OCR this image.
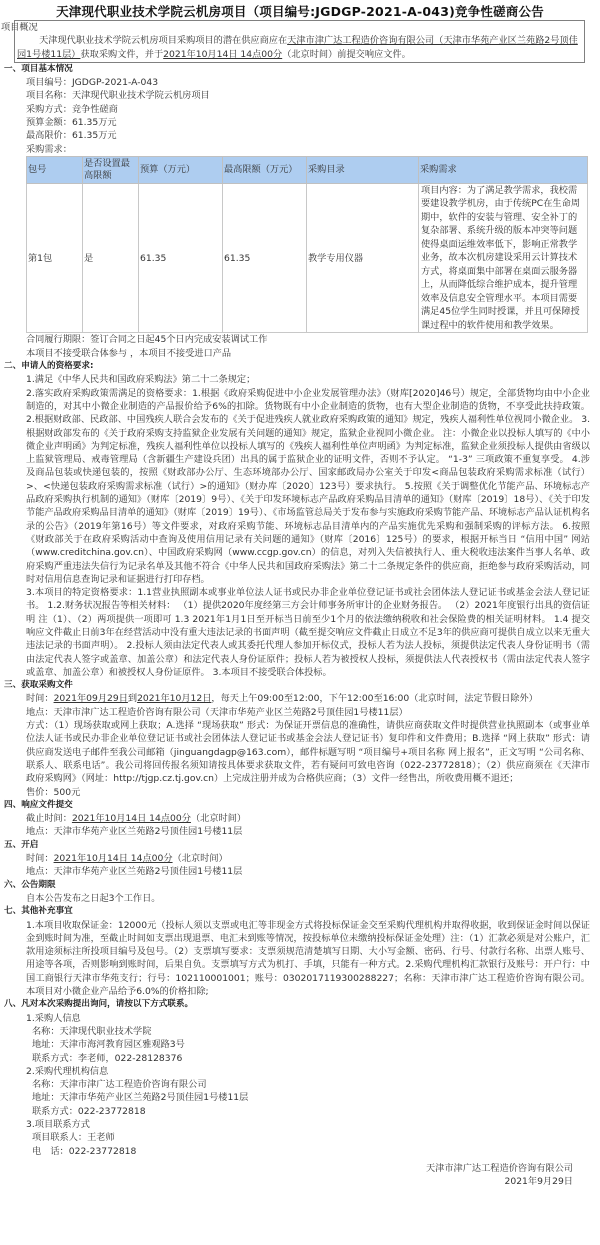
天津现代职业技术学院云机房项目（项目编号:JGDGP-2021-A-043)竞争性磋商公告
项目概况
天津现代职业技术学院云机房项目采购项目的潜在供应商应在天津市津广达工程造价咨询有限公司（天津市华苑产业区兰苑路2号顶佳园1号楼11层）获取采购文件，并于2021年10月14日 14点00分（北京时间）前提交响应文件。
一、项目基本情况
项目编号：JGDGP-2021-A-043
项目名称：天津现代职业技术学院云机房项目
采购方式：竞争性磋商
预算金额：61.35万元
最高限价：61.35万元
采购需求：
包号	是否设置最高限额	预算（万元）	最高限额（万元）	采购目录	采购需求
第1包	是	61.35	61.35	教学专用仪器	项目内容：为了满足教学需求，我校需要建设教学机房，由于传统PC在生命周期中，软件的安装与管理、安全补丁的复杂部署、系统升级的版本冲突等问题使得桌面运维效率低下，影响正常教学业务，故本次机房建设采用云计算技术方式，将桌面集中部署在桌面云服务器上，从而降低综合维护成本，提升管理效率及信息安全管理水平。本项目需要满足45位学生同时授课，并且可保障授课过程中的软件使用和教学效果。
合同履行期限：签订合同之日起45个日内完成安装调试工作
本项目不接受联合体参与 ，本项目不接受进口产品
二、申请人的资格要求:
1.满足《中华人民共和国政府采购法》第二十二条规定；
2.落实政府采购政策需满足的资格要求：1.根据《政府采购促进中小企业发展管理办法》（财库[2020]46号）规定，全部货物均由中小企业制造的，对其中小微企业制造的产品报价给予6%的扣除。货物既有中小企业制造的货物，也有大型企业制造的货物，不享受此扶持政策。 2.根据财政部、民政部、中国残疾人联合会发布的《关于促进残疾人就业政府采购政策的通知》规定，残疾人福利性单位视同小微企业。 3.根据财政部发布的《关于政府采购支持监狱企业发展有关问题的通知》规定，监狱企业视同小微企业。 注：小微企业以投标人填写的《中小微企业声明函》为判定标准，残疾人福利性单位以投标人填写的《残疾人福利性单位声明函》为判定标准，监狱企业须投标人提供由省级以上监狱管理局、戒毒管理局（含新疆生产建设兵团）出具的属于监狱企业的证明文件，否则不予认定。 “1-3” 三项政策不重复享受。 4.涉及商品包装或快递包装的，按照《财政部办公厅、生态环境部办公厅、国家邮政局办公室关于印发<商品包装政府采购需求标准（试行）>、<快递包装政府采购需求标准（试行）>的通知》（财办库〔2020〕123号）要求执行。 5.按照《关于调整优化节能产品、环境标志产品政府采购执行机制的通知》（财库〔2019〕9号）、《关于印发环境标志产品政府采购品目清单的通知》（财库〔2019〕18号）、《关于印发节能产品政府采购品目清单的通知》（财库〔2019〕19号）、《市场监管总局关于发布参与实施政府采购节能产品、环境标志产品认证机构名录的公告》（2019年第16号）等文件要求，对政府采购节能、环境标志品目清单内的产品实施优先采购和强制采购的评标方法。 6.按照《财政部关于在政府采购活动中查询及使用信用记录有关问题的通知》（财库〔2016〕125号）的要求，根据开标当日 “信用中国” 网站（www.creditchina.gov.cn）、中国政府采购网（www.ccgp.gov.cn）的信息，对列入失信被执行人、重大税收违法案件当事人名单、政府采购严重违法失信行为记录名单及其他不符合《中华人民共和国政府采购法》第二十二条规定条件的供应商，拒绝参与政府采购活动，同时对信用信息查询记录和证据进行打印存档。
3.本项目的特定资格要求：1.1营业执照副本或事业单位法人证书或民办非企业单位登记证书或社会团体法人登记证书或基金会法人登记证书。 1.2.财务状况报告等相关材料： （1）提供2020年度经第三方会计师事务所审计的企业财务报告。 （2）2021年度银行出具的资信证明 注（1）、（2）两项提供一项即可 1.3 2021年1月1日至开标当日前至少1个月的依法缴纳税收和社会保险费的相关证明材料。 1.4 提交响应文件截止日前3年在经营活动中没有重大违法记录的书面声明（截至提交响应文件截止日成立不足3年的供应商可提供自成立以来无重大违法记录的书面声明）。 2.投标人须由法定代表人或其委托代理人参加开标仪式，投标人若为法人投标，须提供法定代表人身份证明书（需由法定代表人签字或盖章、加盖公章）和法定代表人身份证原件；投标人若为被授权人投标，须提供法人代表授权书（需由法定代表人签字或盖章、加盖公章）和被授权人身份证原件。 3.本项目不接受联合体投标。
三、获取采购文件
时间：2021年09月29日到2021年10月12日，每天上午09:00至12:00，下午12:00至16:00（北京时间，法定节假日除外）
地点：天津市津广达工程造价咨询有限公司（天津市华苑产业区兰苑路2号顶佳园1号楼11层）
方式：（1）现场获取或网上获取；A.选择 “现场获取” 形式：为保证开票信息的准确性，请供应商获取文件时提供营业执照副本（或事业单位法人证书或民办非企业单位登记证书或社会团体法人登记证书或基金会法人登记证书）复印件和文件费用；B.选择 “网上获取” 形式：请供应商发送电子邮件至我公司邮箱（jinguangdagp@163.com），邮件标题写明 “项目编号+项目名称 网上报名”，正文写明 “公司名称、联系人、联系电话”。我公司将回传报名须知请按具体要求获取文件，若有疑问可致电咨询（022-23772818）；（2）供应商须在《天津市政府采购网》（网址：http://tjgp.cz.tj.gov.cn）上完成注册并成为合格供应商；（3）文件一经售出，所收费用概不退还；
售价：500元
四、响应文件提交
截止时间：2021年10月14日 14点00分（北京时间）
地点：天津市华苑产业区兰苑路2号顶佳园1号楼11层
五、开启
时间：2021年10月14日 14点00分（北京时间）
地点：天津市华苑产业区兰苑路2号顶佳园1号楼11层
六、公告期限
自本公告发布之日起3个工作日。
七、其他补充事宜
1.本项目收取保证金：12000元（投标人须以支票或电汇等非现金方式将投标保证金交至采购代理机构并取得收据，收到保证金时间以保证金到账时间为准，至截止时间如支票出现退票、电汇未到账等情况，按投标单位未缴纳投标保证金处理）注：（1）汇款必须是对公账户，汇款用途须标注所投项目编号及包号。（2）支票填写要求：支票须规范清楚填写日期、大小写金额、密码、行号、付款行名称、出票人账号、用途等各项，否则影响到账时间，后果自负。支票填写方式为机打、手填，只能有一种方式。2.采购代理机构汇款银行及账号：开户行：中国工商银行天津市华苑支行；行号：102110001001；账号：0302017119300288227；名称：天津市津广达工程造价咨询有限公司。 本项目对小微企业产品给予6.0%的价格扣除;
八、凡对本次采购提出询问，请按以下方式联系。
1.采购人信息
名称：天津现代职业技术学院
地址：天津市海河教育园区雅观路3号
联系方式：李老师，022-28128376
2.采购代理机构信息
名称：天津市津广达工程造价咨询有限公司
地址：天津市华苑产业区兰苑路2号顶佳园1号楼11层
联系方式：022-23772818
3.项目联系方式
项目联系人：王老师
电　话：022-23772818
天津市津广达工程造价咨询有限公司
2021年9月29日
